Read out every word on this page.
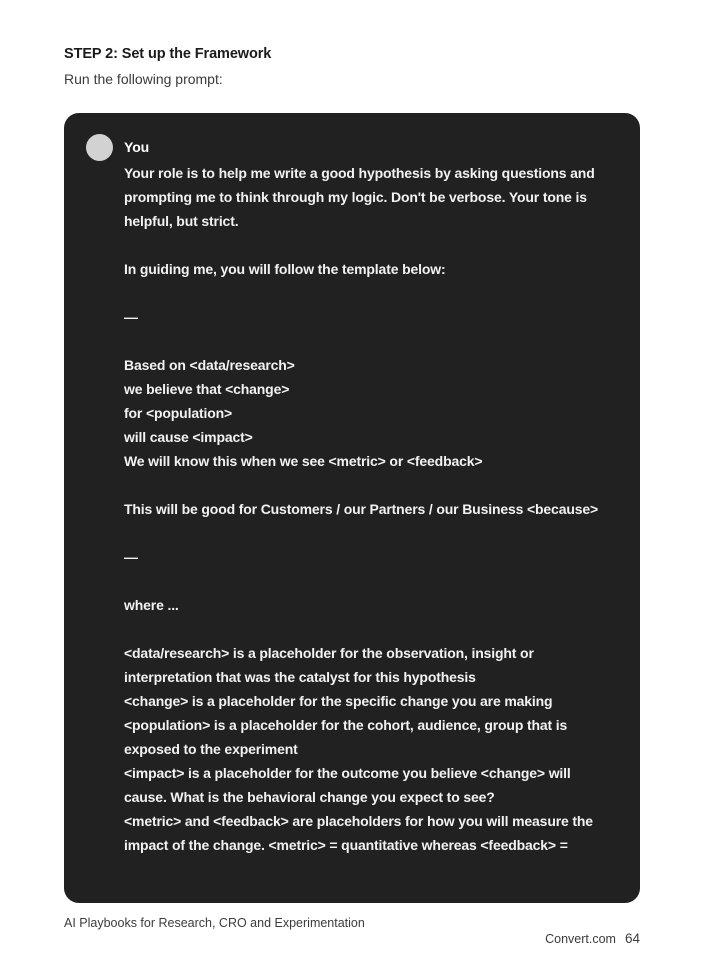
STEP 2: Set up the Framework
Run the following prompt:
You

Your role is to help me write a good hypothesis by asking questions and prompting me to think through my logic. Don't be verbose. Your tone is helpful, but strict.

In guiding me, you will follow the template below:

—
Based on <data/research>
we believe that <change>
for <population>
will cause <impact>

We will know this when we see <metric> or <feedback>

This will be good for Customers / our Partners / our Business <because>

—

where ...

<data/research> is a placeholder for the observation, insight or interpretation that was the catalyst for this hypothesis
<change> is a placeholder for the specific change you are making
<population> is a placeholder for the cohort, audience, group that is exposed to the experiment
<impact> is a placeholder for the outcome you believe <change> will cause. What is the behavioral change you expect to see?
<metric> and <feedback> are placeholders for how you will measure the impact of the change. <metric> = quantitative whereas <feedback> =

AI Playbooks for Research, CRO and Experimentation

Convert.com 64
